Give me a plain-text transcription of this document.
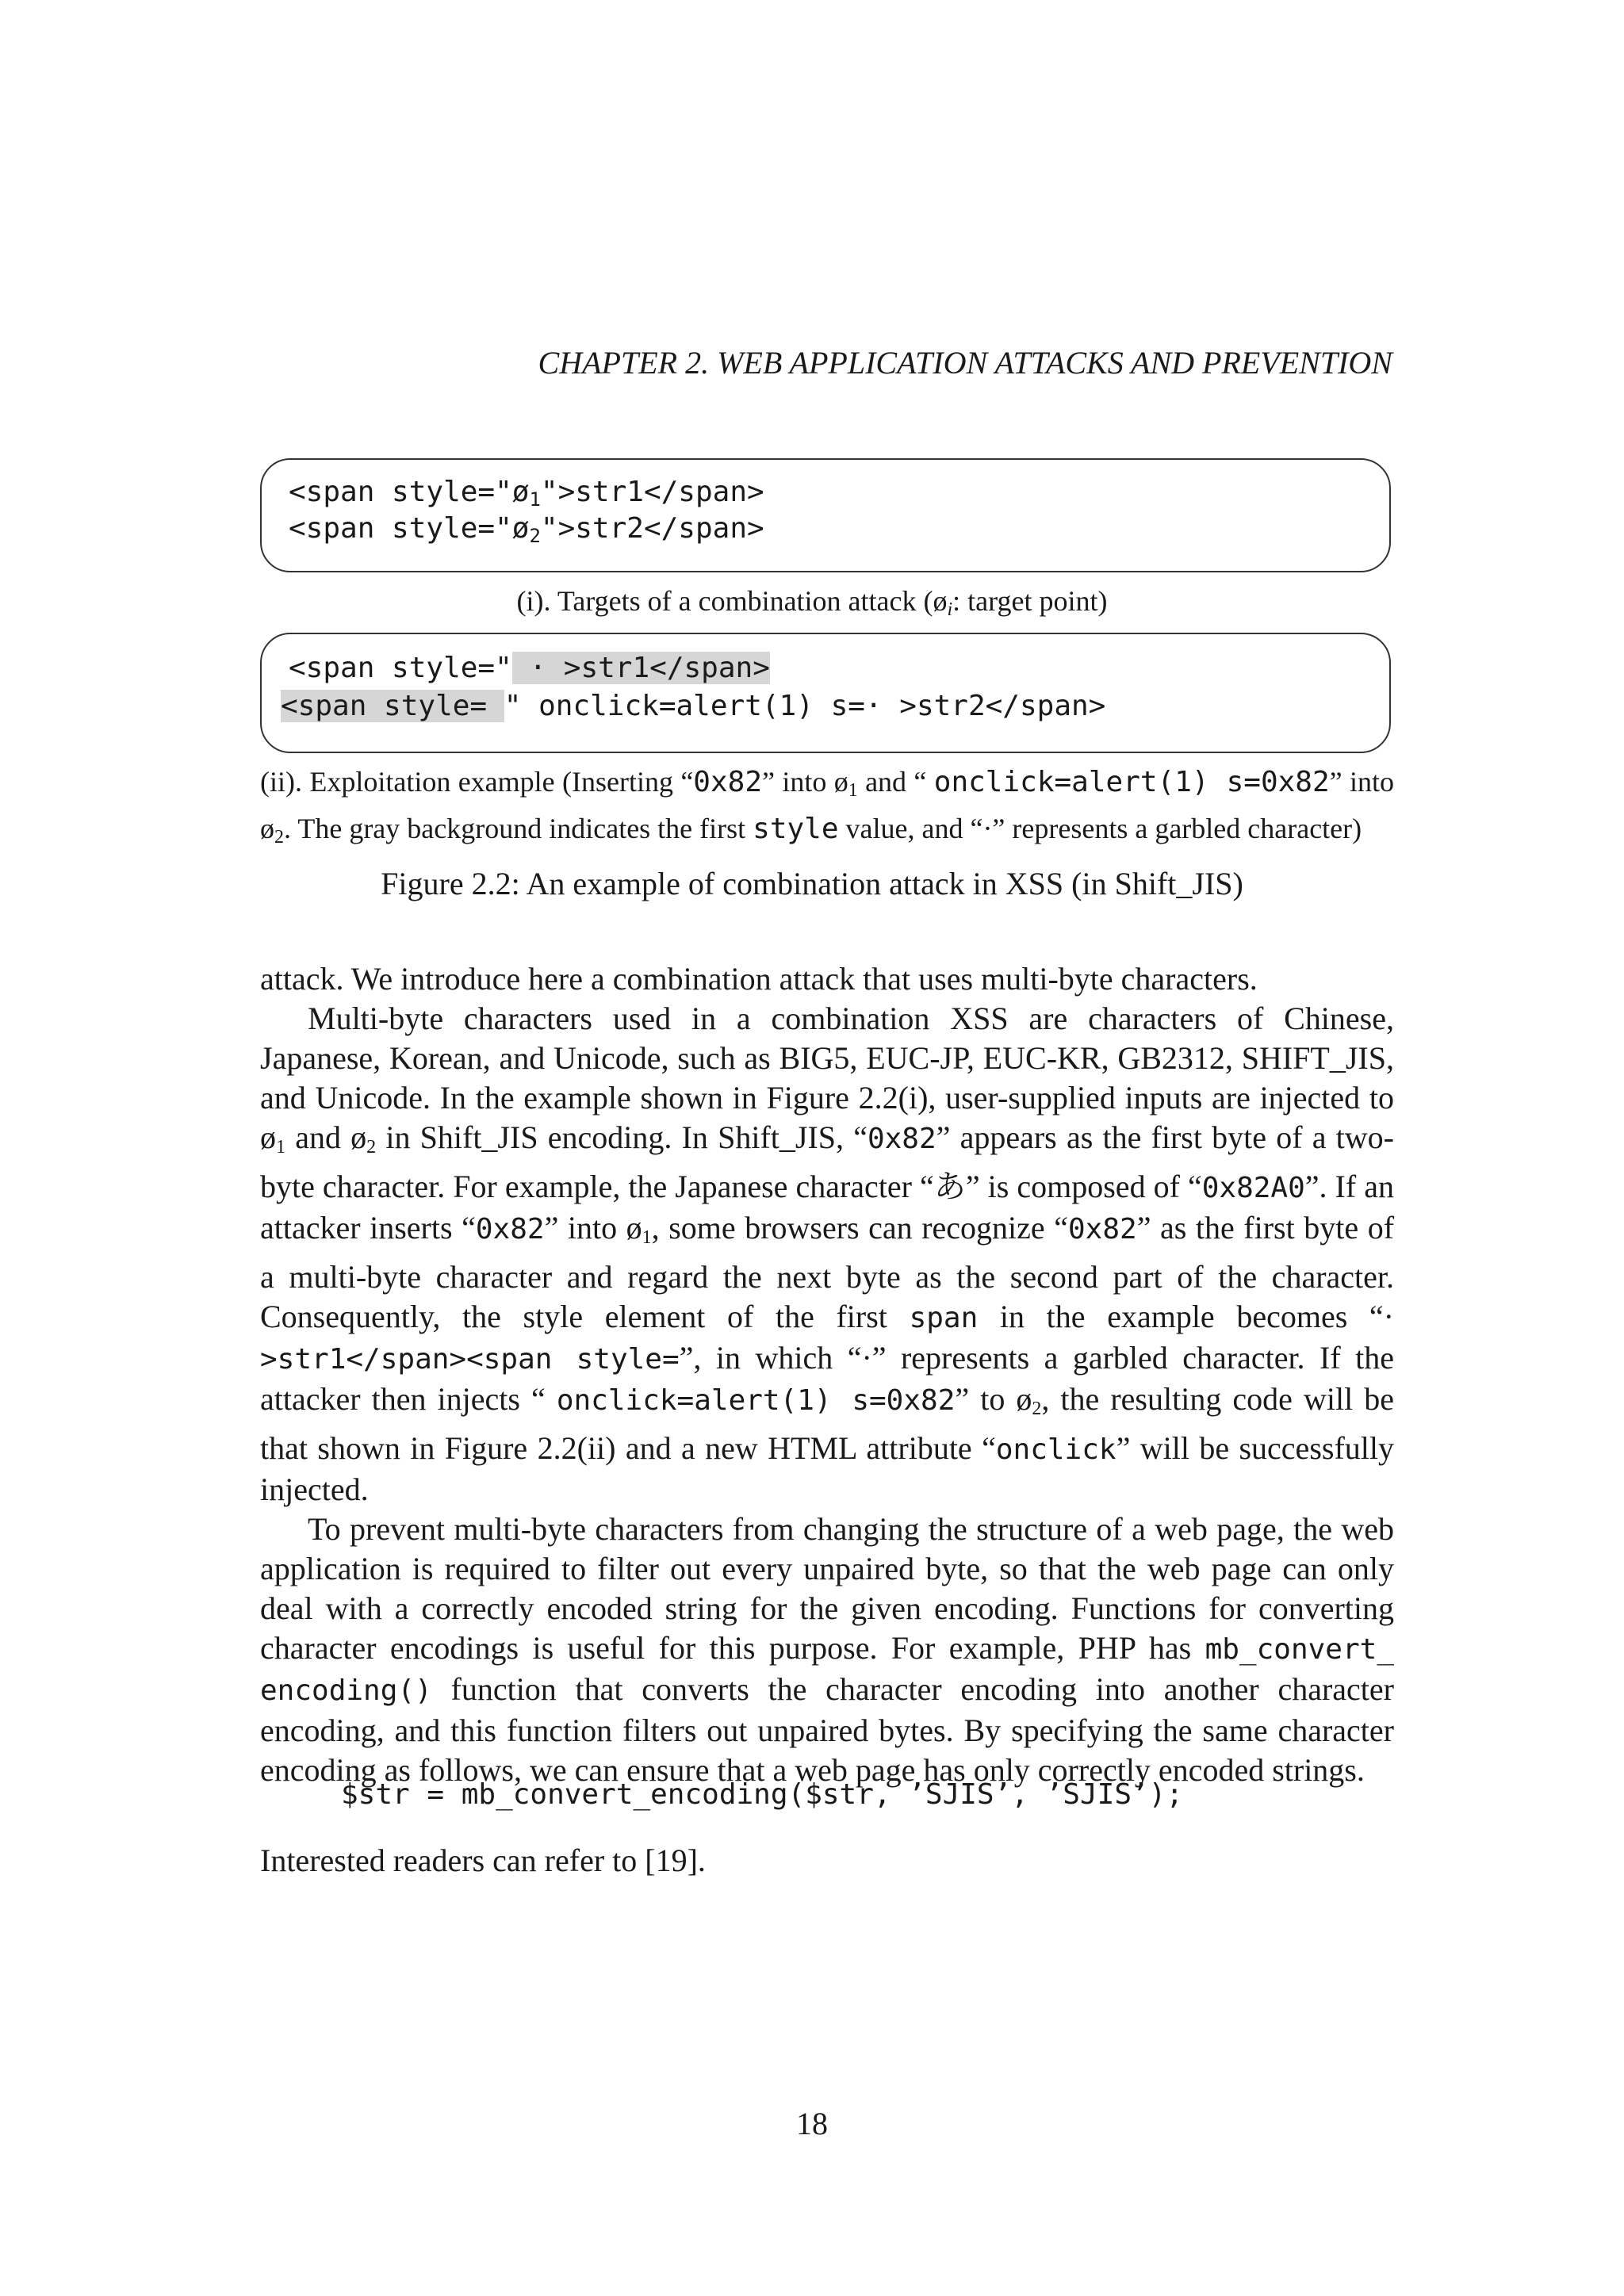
CHAPTER 2. WEB APPLICATION ATTACKS AND PREVENTION
<span $style="ø_1">str1</span>$
<span $style="ø_2">str2</span>$
(i). Targets of a combination attack ($ø_i$: target point)
<span style=" · >str1</span>
<span style= " onclick=alert(1) s=· >str2</span>
(ii). Exploitation example (Inserting “0x82” into $ø_1$ and “ onclick=alert(1) s=0x82” into $ø_2$. The gray background indicates the first style value, and “·” represents a garbled character)
Figure 2.2: An example of combination attack in XSS (in Shift_JIS)

attack. We introduce here a combination attack that uses multi-byte characters.

Multi-byte characters used in a combination XSS are characters of Chinese, Japanese, Korean, and Unicode, such as BIG5, EUC-JP, EUC-KR, GB2312, SHIFT_JIS, and Unicode. In the example shown in Figure 2.2(i), user-supplied inputs are injected to $ø_1$ and $ø_2$ in Shift_JIS encoding. In Shift_JIS, “0x82” appears as the first byte of a two-byte character. For example, the Japanese character “あ” is composed of “0x82A0”. If an attacker inserts “0x82” into $ø_1$, some browsers can recognize “0x82” as the first byte of a multi-byte character and regard the next byte as the second part of the character. Consequently, the style element of the first span in the example becomes “· >str1</span><span style=”, in which “·” represents a garbled character. If the attacker then injects “ onclick=alert(1) s=0x82” to $ø_2$, the resulting code will be that shown in Figure 2.2(ii) and a new HTML attribute “onclick” will be successfully injected.

To prevent multi-byte characters from changing the structure of a web page, the web application is required to filter out every unpaired byte, so that the web page can only deal with a correctly encoded string for the given encoding. Functions for converting character encodings is useful for this purpose. For example, PHP has mb_convert_ encoding() function that converts the character encoding into another character encoding, and this function filters out unpaired bytes. By specifying the same character encoding as follows, we can ensure that a web page has only correctly encoded strings.

$str = mb_convert_encoding($str, ’SJIS’, ’SJIS’);
Interested readers can refer to [19].
18
